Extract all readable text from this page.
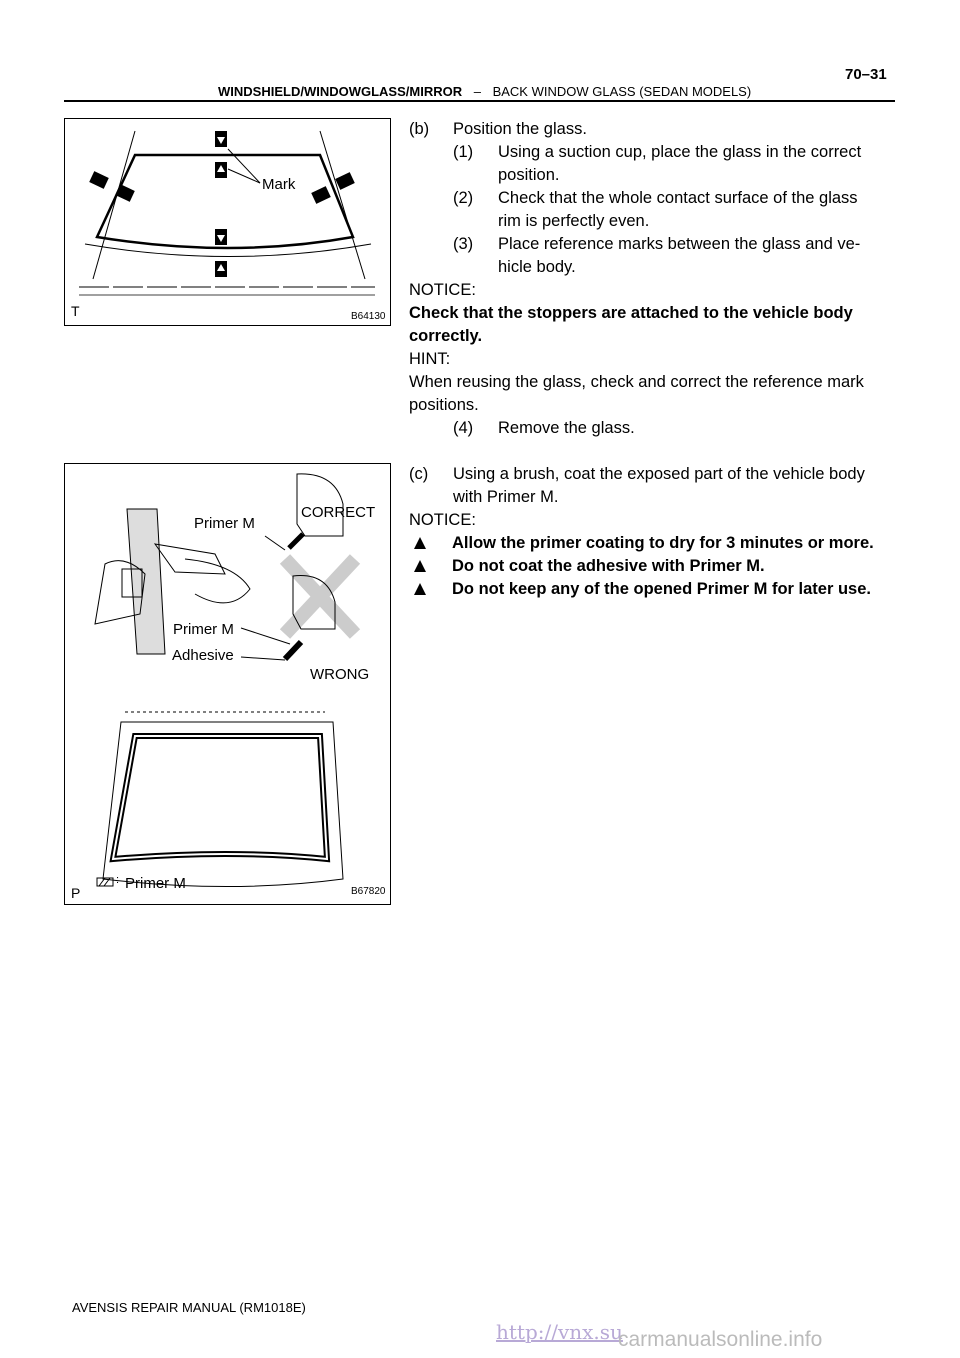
WINDSHIELD/WINDOWGLASS/MIRROR – BACK WINDOW GLASS (SEDAN MODELS)
70–31
Mark
T	B64130
Primer M
CORRECT
Primer M
Adhesive
WRONG
: Primer M
P	B67820
(b) Position the glass.
(1) Using a suction cup, place the glass in the correct
position.
(2) Check that the whole contact surface of the glass
rim is perfectly even.
(3) Place reference marks between the glass and ve-
hicle body.
NOTICE:
Check that the stoppers are attached to the vehicle body
correctly.
HINT:
When reusing the glass, check and correct the reference mark
positions.
(4) Remove the glass.
(c) Using a brush, coat the exposed part of the vehicle body
with Primer M.
NOTICE:
Allow the primer coating to dry for 3 minutes or more.
Do not coat the adhesive with Primer M.
Do not keep any of the opened Primer M for later use.
AVENSIS REPAIR MANUAL (RM1018E)
http://vnx.su
carmanualsonline.info
